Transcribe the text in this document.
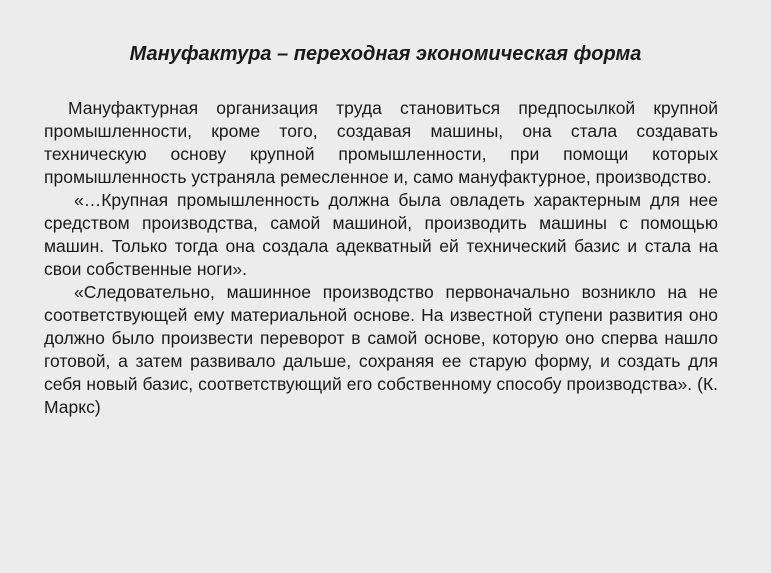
Мануфактура – переходная экономическая форма

Мануфактурная организация труда становиться предпосылкой крупной промышленности, кроме того, создавая машины, она стала создавать техническую основу крупной промышленности, при помощи которых промышленность устраняла ремесленное и, само мануфактурное, производство.

«…Крупная промышленность должна была овладеть характерным для нее средством производства, самой машиной, производить машины с помощью машин. Только тогда она создала адекватный ей технический базис и стала на свои собственные ноги».

«Следовательно, машинное производство первоначально возникло на не соответствующей ему материальной основе. На известной ступени развития оно должно было произвести переворот в самой основе, которую оно сперва нашло готовой, а затем развивало дальше, сохраняя ее старую форму, и создать для себя новый базис, соответствующий его собственному способу производства». (К. Маркс)
